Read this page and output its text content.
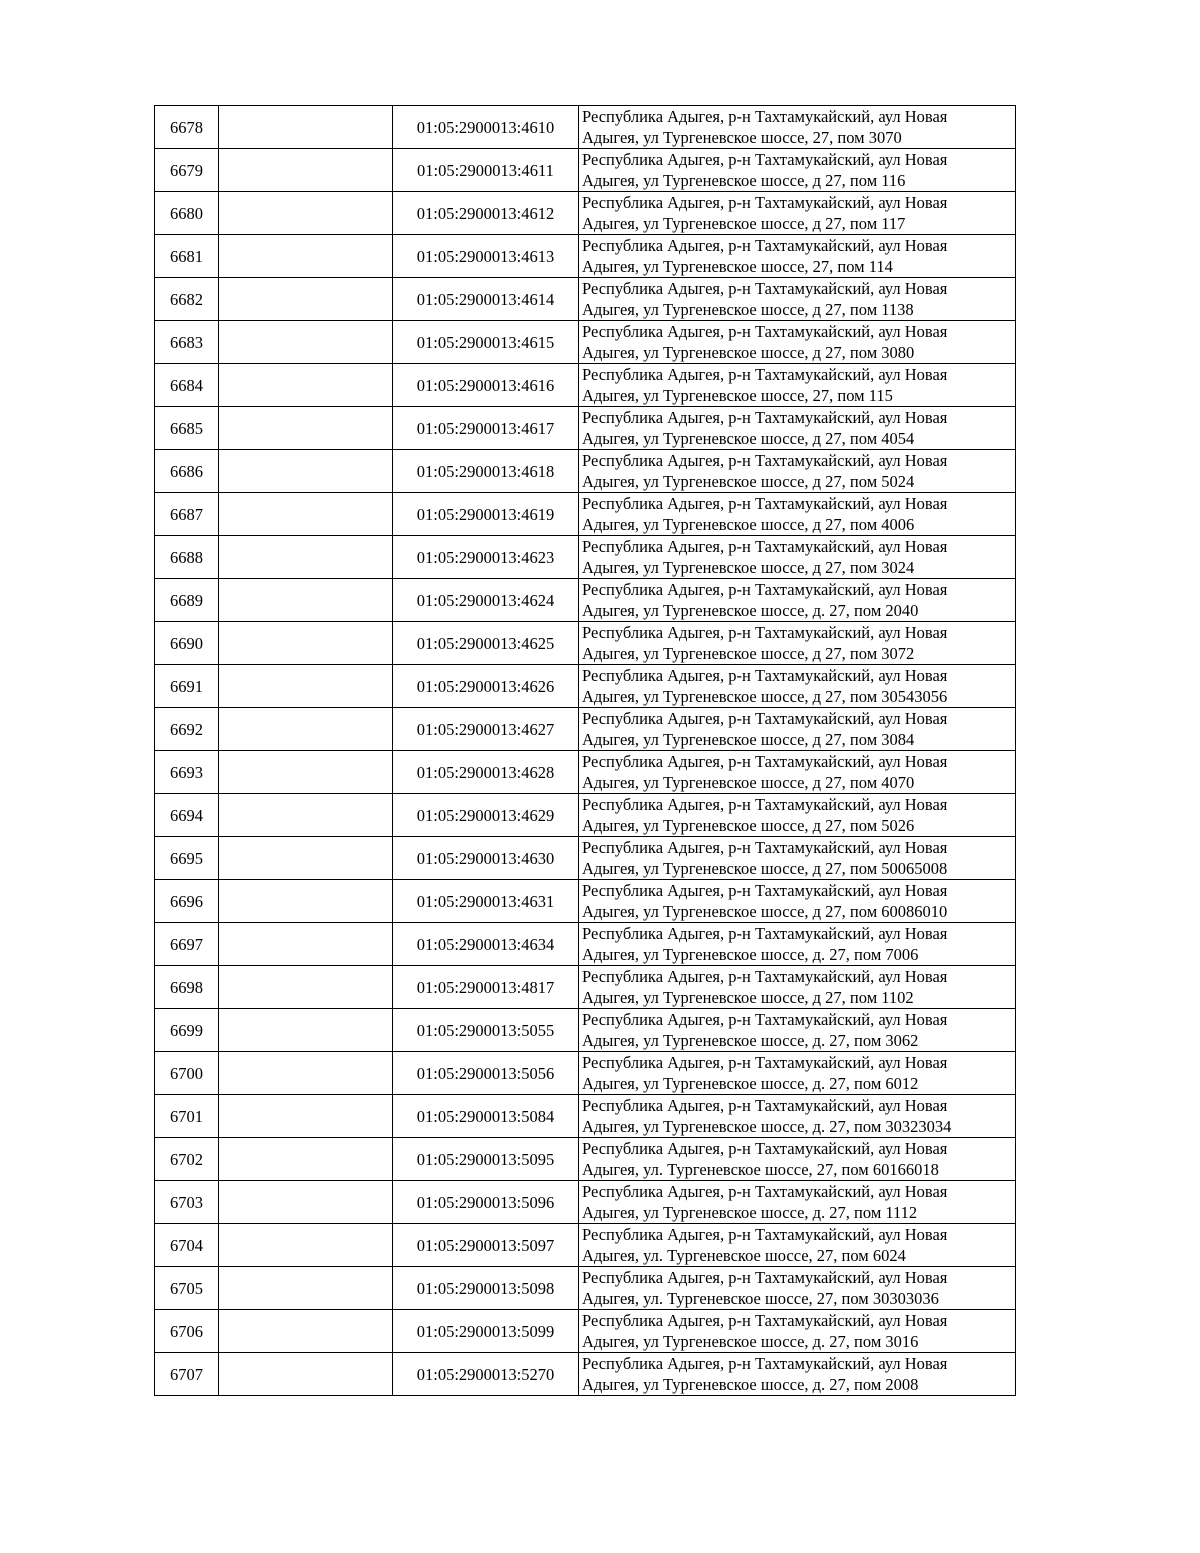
6678		01:05:2900013:4610	Республика Адыгея, р-н Тахтамукайский, аул Новая
Адыгея, ул Тургеневское шоссе, 27, пом 3070

6679		01:05:2900013:4611	Республика Адыгея, р-н Тахтамукайский, аул Новая
Адыгея, ул Тургеневское шоссе, д 27, пом 116

6680		01:05:2900013:4612	Республика Адыгея, р-н Тахтамукайский, аул Новая
Адыгея, ул Тургеневское шоссе, д 27, пом 117

6681		01:05:2900013:4613	Республика Адыгея, р-н Тахтамукайский, аул Новая
Адыгея, ул Тургеневское шоссе, 27, пом 114

6682		01:05:2900013:4614	Республика Адыгея, р-н Тахтамукайский, аул Новая
Адыгея, ул Тургеневское шоссе, д 27, пом 1138

6683		01:05:2900013:4615	Республика Адыгея, р-н Тахтамукайский, аул Новая
Адыгея, ул Тургеневское шоссе, д 27, пом 3080

6684		01:05:2900013:4616	Республика Адыгея, р-н Тахтамукайский, аул Новая
Адыгея, ул Тургеневское шоссе, 27, пом 115

6685		01:05:2900013:4617	Республика Адыгея, р-н Тахтамукайский, аул Новая
Адыгея, ул Тургеневское шоссе, д 27, пом 4054

6686		01:05:2900013:4618	Республика Адыгея, р-н Тахтамукайский, аул Новая
Адыгея, ул Тургеневское шоссе, д 27, пом 5024

6687		01:05:2900013:4619	Республика Адыгея, р-н Тахтамукайский, аул Новая
Адыгея, ул Тургеневское шоссе, д 27, пом 4006

6688		01:05:2900013:4623	Республика Адыгея, р-н Тахтамукайский, аул Новая
Адыгея, ул Тургеневское шоссе, д 27, пом 3024

6689		01:05:2900013:4624	Республика Адыгея, р-н Тахтамукайский, аул Новая
Адыгея, ул Тургеневское шоссе, д. 27, пом 2040

6690		01:05:2900013:4625	Республика Адыгея, р-н Тахтамукайский, аул Новая
Адыгея, ул Тургеневское шоссе, д 27, пом 3072

6691		01:05:2900013:4626	Республика Адыгея, р-н Тахтамукайский, аул Новая
Адыгея, ул Тургеневское шоссе, д 27, пом 30543056

6692		01:05:2900013:4627	Республика Адыгея, р-н Тахтамукайский, аул Новая
Адыгея, ул Тургеневское шоссе, д 27, пом 3084

6693		01:05:2900013:4628	Республика Адыгея, р-н Тахтамукайский, аул Новая
Адыгея, ул Тургеневское шоссе, д 27, пом 4070

6694		01:05:2900013:4629	Республика Адыгея, р-н Тахтамукайский, аул Новая
Адыгея, ул Тургеневское шоссе, д 27, пом 5026

6695		01:05:2900013:4630	Республика Адыгея, р-н Тахтамукайский, аул Новая
Адыгея, ул Тургеневское шоссе, д 27, пом 50065008

6696		01:05:2900013:4631	Республика Адыгея, р-н Тахтамукайский, аул Новая
Адыгея, ул Тургеневское шоссе, д 27, пом 60086010

6697		01:05:2900013:4634	Республика Адыгея, р-н Тахтамукайский, аул Новая
Адыгея, ул Тургеневское шоссе, д. 27, пом 7006

6698		01:05:2900013:4817	Республика Адыгея, р-н Тахтамукайский, аул Новая
Адыгея, ул Тургеневское шоссе, д 27, пом 1102

6699		01:05:2900013:5055	Республика Адыгея, р-н Тахтамукайский, аул Новая
Адыгея, ул Тургеневское шоссе, д. 27, пом 3062

6700		01:05:2900013:5056	Республика Адыгея, р-н Тахтамукайский, аул Новая
Адыгея, ул Тургеневское шоссе, д. 27, пом 6012

6701		01:05:2900013:5084	Республика Адыгея, р-н Тахтамукайский, аул Новая
Адыгея, ул Тургеневское шоссе, д. 27, пом 30323034

6702		01:05:2900013:5095	Республика Адыгея, р-н Тахтамукайский, аул Новая
Адыгея, ул. Тургеневское шоссе, 27, пом 60166018

6703		01:05:2900013:5096	Республика Адыгея, р-н Тахтамукайский, аул Новая
Адыгея, ул Тургеневское шоссе, д. 27, пом 1112

6704		01:05:2900013:5097	Республика Адыгея, р-н Тахтамукайский, аул Новая
Адыгея, ул. Тургеневское шоссе, 27, пом 6024

6705		01:05:2900013:5098	Республика Адыгея, р-н Тахтамукайский, аул Новая
Адыгея, ул. Тургеневское шоссе, 27, пом 30303036

6706		01:05:2900013:5099	Республика Адыгея, р-н Тахтамукайский, аул Новая
Адыгея, ул Тургеневское шоссе, д. 27, пом 3016

6707		01:05:2900013:5270	Республика Адыгея, р-н Тахтамукайский, аул Новая
Адыгея, ул Тургеневское шоссе, д. 27, пом 2008
